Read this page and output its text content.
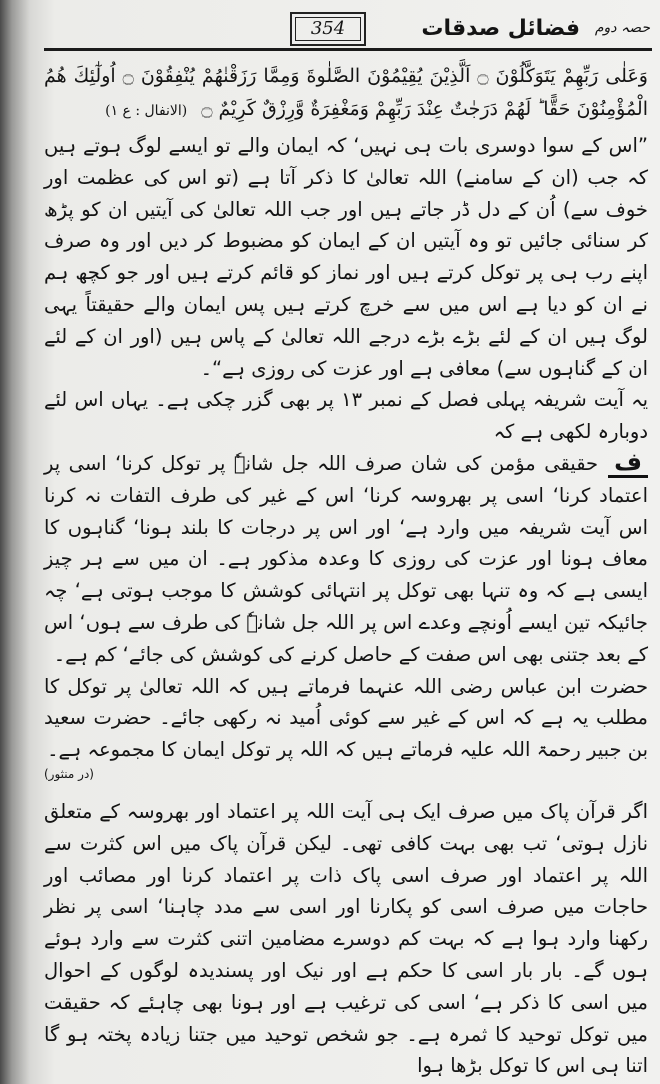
حصہ دوم
فضائل صدقات
354

وَعَلٰی رَبِّهِمْ يَتَوَكَّلُوْنَ ۝ اَلَّذِيْنَ يُقِيْمُوْنَ الصَّلٰوةَ وَمِمَّا رَزَقْنٰهُمْ يُنْفِقُوْنَ ۝ اُولٰٓئِكَ هُمُ الْمُؤْمِنُوْنَ حَقًّا ؕ لَهُمْ دَرَجٰتٌ عِنْدَ رَبِّهِمْ وَمَغْفِرَةٌ وَّرِزْقٌ كَرِيْمٌ ۝ (الانفال : ع ۱)

”اس کے سوا دوسری بات ہی نہیں‘ کہ ایمان والے تو ایسے لوگ ہوتے ہیں کہ جب (ان کے سامنے) اللہ تعالیٰ کا ذکر آتا ہے (تو اس کی عظمت اور خوف سے) اُن کے دل ڈر جاتے ہیں اور جب اللہ تعالیٰ کی آیتیں ان کو پڑھ کر سنائی جائیں تو وہ آیتیں ان کے ایمان کو مضبوط کر دیں اور وہ صرف اپنے رب ہی پر توکل کرتے ہیں اور نماز کو قائم کرتے ہیں اور جو کچھ ہم نے ان کو دیا ہے اس میں سے خرچ کرتے ہیں پس ایمان والے حقیقتاً یہی لوگ ہیں ان کے لئے بڑے بڑے درجے اللہ تعالیٰ کے پاس ہیں (اور ان کے لئے ان کے گناہوں سے) معافی ہے اور عزت کی روزی ہے“۔

یہ آیت شریفہ پہلی فصل کے نمبر ۱۳ پر بھی گزر چکی ہے۔ یہاں اس لئے دوبارہ لکھی ہے کہ

فحقیقی مؤمن کی شان صرف اللہ جل شانہٗ پر توکل کرنا‘ اسی پر اعتماد کرنا‘ اسی پر بھروسہ کرنا‘ اس کے غیر کی طرف التفات نہ کرنا اس آیت شریفہ میں وارد ہے‘ اور اس پر درجات کا بلند ہونا‘ گناہوں کا معاف ہونا اور عزت کی روزی کا وعدہ مذکور ہے۔ ان میں سے ہر چیز ایسی ہے کہ وہ تنہا بھی توکل پر انتہائی کوشش کا موجب ہوتی ہے‘ چہ جائیکہ تین ایسے اُونچے وعدے اس پر اللہ جل شانہٗ کی طرف سے ہوں‘ اس کے بعد جتنی بھی اس صفت کے حاصل کرنے کی کوشش کی جائے‘ کم ہے۔

حضرت ابن عباس رضی اللہ عنہما فرماتے ہیں کہ اللہ تعالیٰ پر توکل کا مطلب یہ ہے کہ اس کے غیر سے کوئی اُمید نہ رکھی جائے۔ حضرت سعید بن جبیر رحمۃ اللہ علیہ فرماتے ہیں کہ اللہ پر توکل ایمان کا مجموعہ ہے۔

(در منثور)

اگر قرآن پاک میں صرف ایک ہی آیت اللہ پر اعتماد اور بھروسہ کے متعلق نازل ہوتی‘ تب بھی بہت کافی تھی۔ لیکن قرآن پاک میں اس کثرت سے اللہ پر اعتماد اور صرف اسی پاک ذات پر اعتماد کرنا اور مصائب اور حاجات میں صرف اسی کو پکارنا اور اسی سے مدد چاہنا‘ اسی پر نظر رکھنا وارد ہوا ہے کہ بہت کم دوسرے مضامین اتنی کثرت سے وارد ہوئے ہوں گے۔ بار بار اسی کا حکم ہے اور نیک اور پسندیدہ لوگوں کے احوال میں اسی کا ذکر ہے‘ اسی کی ترغیب ہے اور ہونا بھی چاہئے کہ حقیقت میں توکل توحید کا ثمرہ ہے۔ جو شخص توحید میں جتنا زیادہ پختہ ہو گا اتنا ہی اس کا توکل بڑھا ہوا
